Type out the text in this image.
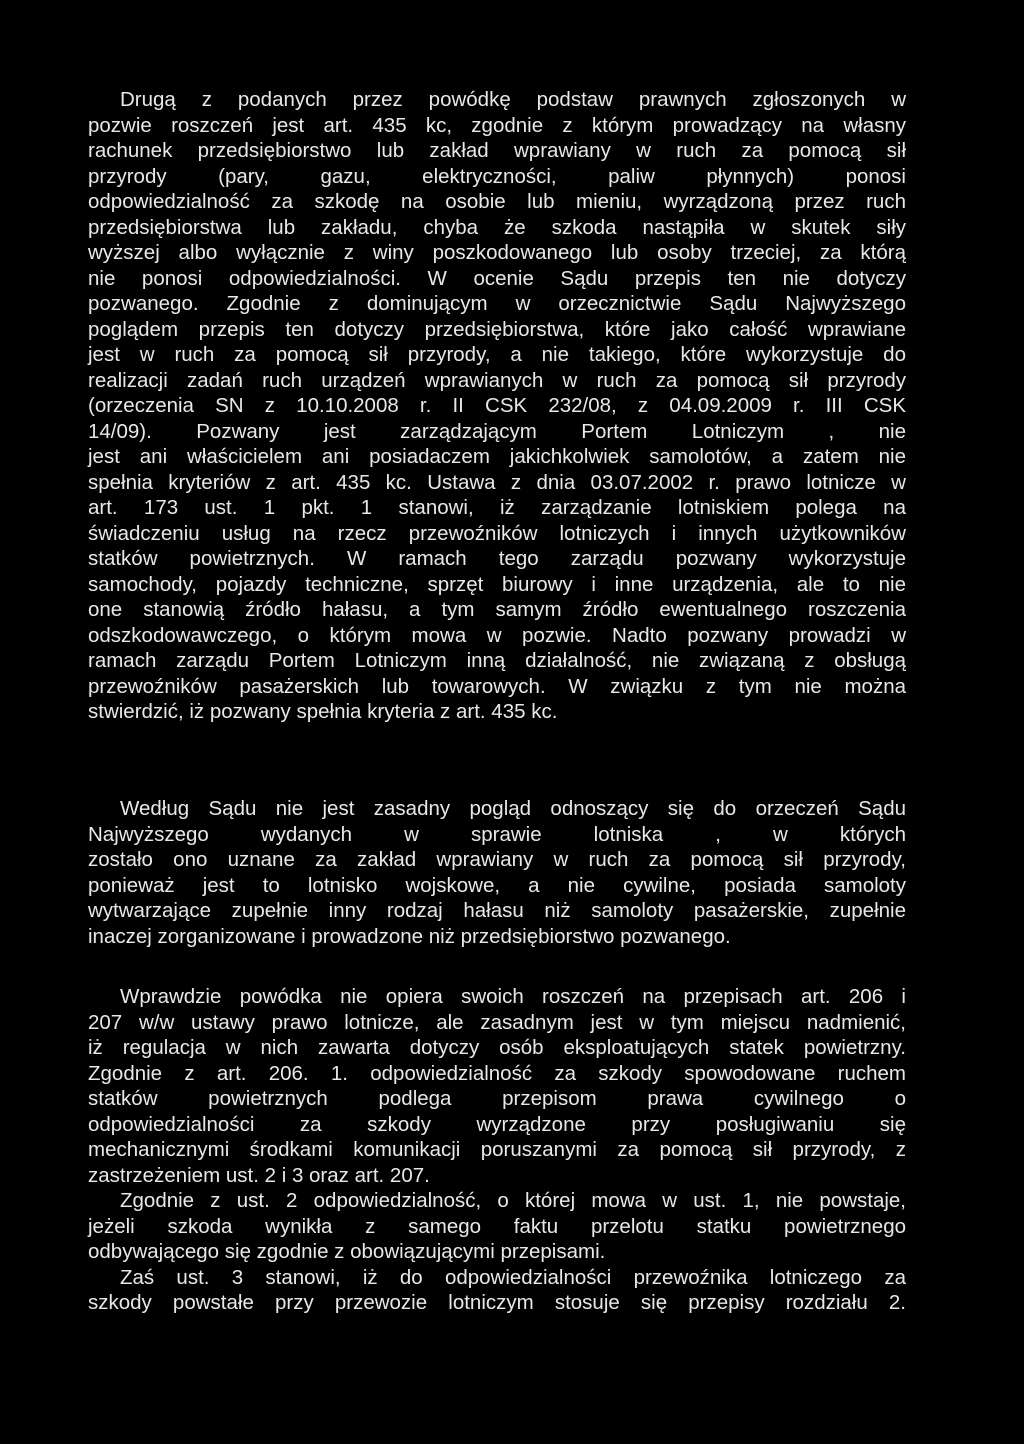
Drugą z podanych przez powódkę podstaw prawnych zgłoszonych w
pozwie roszczeń jest art. 435 kc, zgodnie z którym prowadzący na własny
rachunek przedsiębiorstwo lub zakład wprawiany w ruch za pomocą sił
przyrody (pary, gazu, elektryczności, paliw płynnych) ponosi
odpowiedzialność za szkodę na osobie lub mieniu, wyrządzoną przez ruch
przedsiębiorstwa lub zakładu, chyba że szkoda nastąpiła w skutek siły
wyższej albo wyłącznie z winy poszkodowanego lub osoby trzeciej, za którą
nie ponosi odpowiedzialności. W ocenie Sądu przepis ten nie dotyczy
pozwanego. Zgodnie z dominującym w orzecznictwie Sądu Najwyższego
poglądem przepis ten dotyczy przedsiębiorstwa, które jako całość wprawiane
jest w ruch za pomocą sił przyrody, a nie takiego, które wykorzystuje do
realizacji zadań ruch urządzeń wprawianych w ruch za pomocą sił przyrody
(orzeczenia SN z 10.10.2008 r. II CSK 232/08, z 04.09.2009 r. III CSK
14/09). Pozwany jest zarządzającym Portem Lotniczym , nie
jest ani właścicielem ani posiadaczem jakichkolwiek samolotów, a zatem nie
spełnia kryteriów z art. 435 kc. Ustawa z dnia 03.07.2002 r. prawo lotnicze w
art. 173 ust. 1 pkt. 1 stanowi, iż zarządzanie lotniskiem polega na
świadczeniu usług na rzecz przewoźników lotniczych i innych użytkowników
statków powietrznych. W ramach tego zarządu pozwany wykorzystuje
samochody, pojazdy techniczne, sprzęt biurowy i inne urządzenia, ale to nie
one stanowią źródło hałasu, a tym samym źródło ewentualnego roszczenia
odszkodowawczego, o którym mowa w pozwie. Nadto pozwany prowadzi w
ramach zarządu Portem Lotniczym inną działalność, nie związaną z obsługą
przewoźników pasażerskich lub towarowych. W związku z tym nie można
stwierdzić, iż pozwany spełnia kryteria z art. 435 kc.

Według Sądu nie jest zasadny pogląd odnoszący się do orzeczeń Sądu
Najwyższego wydanych w sprawie lotniska , w których
zostało ono uznane za zakład wprawiany w ruch za pomocą sił przyrody,
ponieważ jest to lotnisko wojskowe, a nie cywilne, posiada samoloty
wytwarzające zupełnie inny rodzaj hałasu niż samoloty pasażerskie, zupełnie
inaczej zorganizowane i prowadzone niż przedsiębiorstwo pozwanego.

Wprawdzie powódka nie opiera swoich roszczeń na przepisach art. 206 i
207 w/w ustawy prawo lotnicze, ale zasadnym jest w tym miejscu nadmienić,
iż regulacja w nich zawarta dotyczy osób eksploatujących statek powietrzny.
Zgodnie z art. 206. 1. odpowiedzialność za szkody spowodowane ruchem
statków powietrznych podlega przepisom prawa cywilnego o
odpowiedzialności za szkody wyrządzone przy posługiwaniu się
mechanicznymi środkami komunikacji poruszanymi za pomocą sił przyrody, z
zastrzeżeniem ust. 2 i 3 oraz art. 207.
Zgodnie z ust. 2 odpowiedzialność, o której mowa w ust. 1, nie powstaje,
jeżeli szkoda wynikła z samego faktu przelotu statku powietrznego
odbywającego się zgodnie z obowiązującymi przepisami.
Zaś ust. 3 stanowi, iż do odpowiedzialności przewoźnika lotniczego za
szkody powstałe przy przewozie lotniczym stosuje się przepisy rozdziału 2.
